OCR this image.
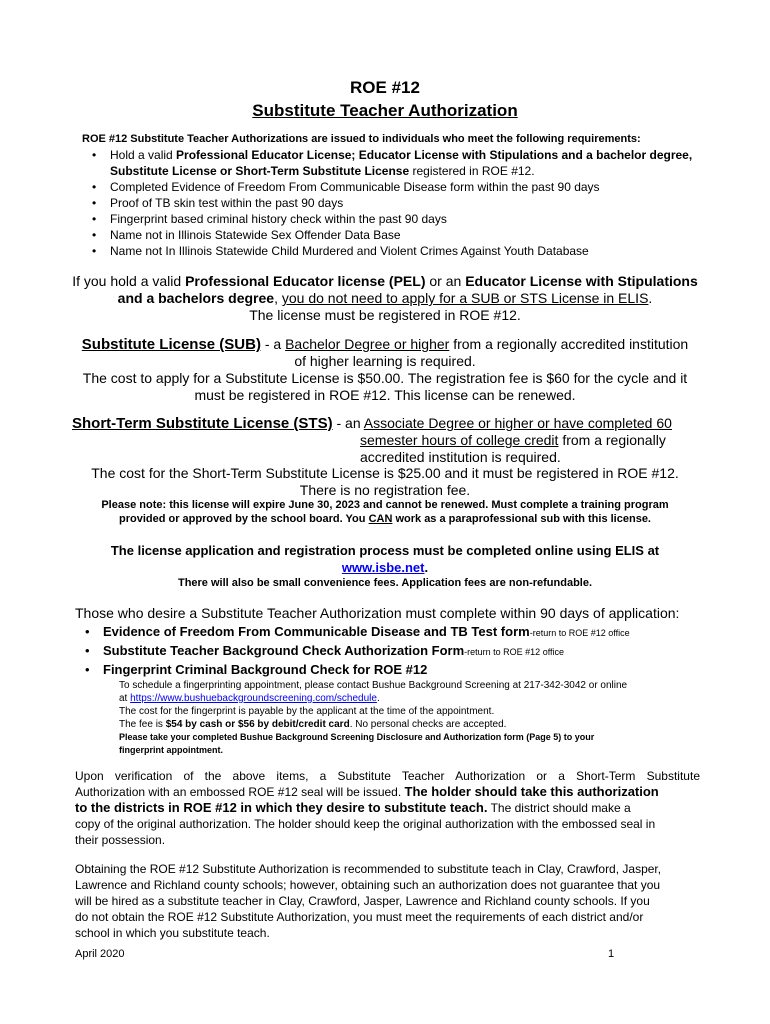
ROE #12
Substitute Teacher Authorization
ROE #12 Substitute Teacher Authorizations are issued to individuals who meet the following requirements:
• Hold a valid Professional Educator License; Educator License with Stipulations and a bachelor degree, Substitute License or Short-Term Substitute License registered in ROE #12.
• Completed Evidence of Freedom From Communicable Disease form within the past 90 days
• Proof of TB skin test within the past 90 days
• Fingerprint based criminal history check within the past 90 days
• Name not in Illinois Statewide Sex Offender Data Base
• Name not In Illinois Statewide Child Murdered and Violent Crimes Against Youth Database
If you hold a valid Professional Educator license (PEL) or an Educator License with Stipulations and a bachelors degree, you do not need to apply for a SUB or STS License in ELIS.
The license must be registered in ROE #12.
Substitute License (SUB) - a Bachelor Degree or higher from a regionally accredited institution
of higher learning is required.
The cost to apply for a Substitute License is $50.00. The registration fee is $60 for the cycle and it
must be registered in ROE #12. This license can be renewed.
Short-Term Substitute License (STS) - an Associate Degree or higher or have completed 60
semester hours of college credit from a regionally
accredited institution is required.
The cost for the Short-Term Substitute License is $25.00 and it must be registered in ROE #12.
There is no registration fee.
Please note: this license will expire June 30, 2023 and cannot be renewed. Must complete a training program
provided or approved by the school board. You CAN work as a paraprofessional sub with this license.
The license application and registration process must be completed online using ELIS at
www.isbe.net.
There will also be small convenience fees. Application fees are non-refundable.
Those who desire a Substitute Teacher Authorization must complete within 90 days of application:
• Evidence of Freedom From Communicable Disease and TB Test form-return to ROE #12 office
• Substitute Teacher Background Check Authorization Form-return to ROE #12 office
• Fingerprint Criminal Background Check for ROE #12
To schedule a fingerprinting appointment, please contact Bushue Background Screening at 217-342-3042 or online
at https://www.bushuebackgroundscreening.com/schedule.
The cost for the fingerprint is payable by the applicant at the time of the appointment.
The fee is $54 by cash or $56 by debit/credit card. No personal checks are accepted.
Please take your completed Bushue Background Screening Disclosure and Authorization form (Page 5) to your
fingerprint appointment.
Upon verification of the above items, a Substitute Teacher Authorization or a Short-Term Substitute
Authorization with an embossed ROE #12 seal will be issued. The holder should take this authorization
to the districts in ROE #12 in which they desire to substitute teach. The district should make a
copy of the original authorization. The holder should keep the original authorization with the embossed seal in
their possession.
Obtaining the ROE #12 Substitute Authorization is recommended to substitute teach in Clay, Crawford, Jasper,
Lawrence and Richland county schools; however, obtaining such an authorization does not guarantee that you
will be hired as a substitute teacher in Clay, Crawford, Jasper, Lawrence and Richland county schools. If you
do not obtain the ROE #12 Substitute Authorization, you must meet the requirements of each district and/or
school in which you substitute teach.
April 2020	1
